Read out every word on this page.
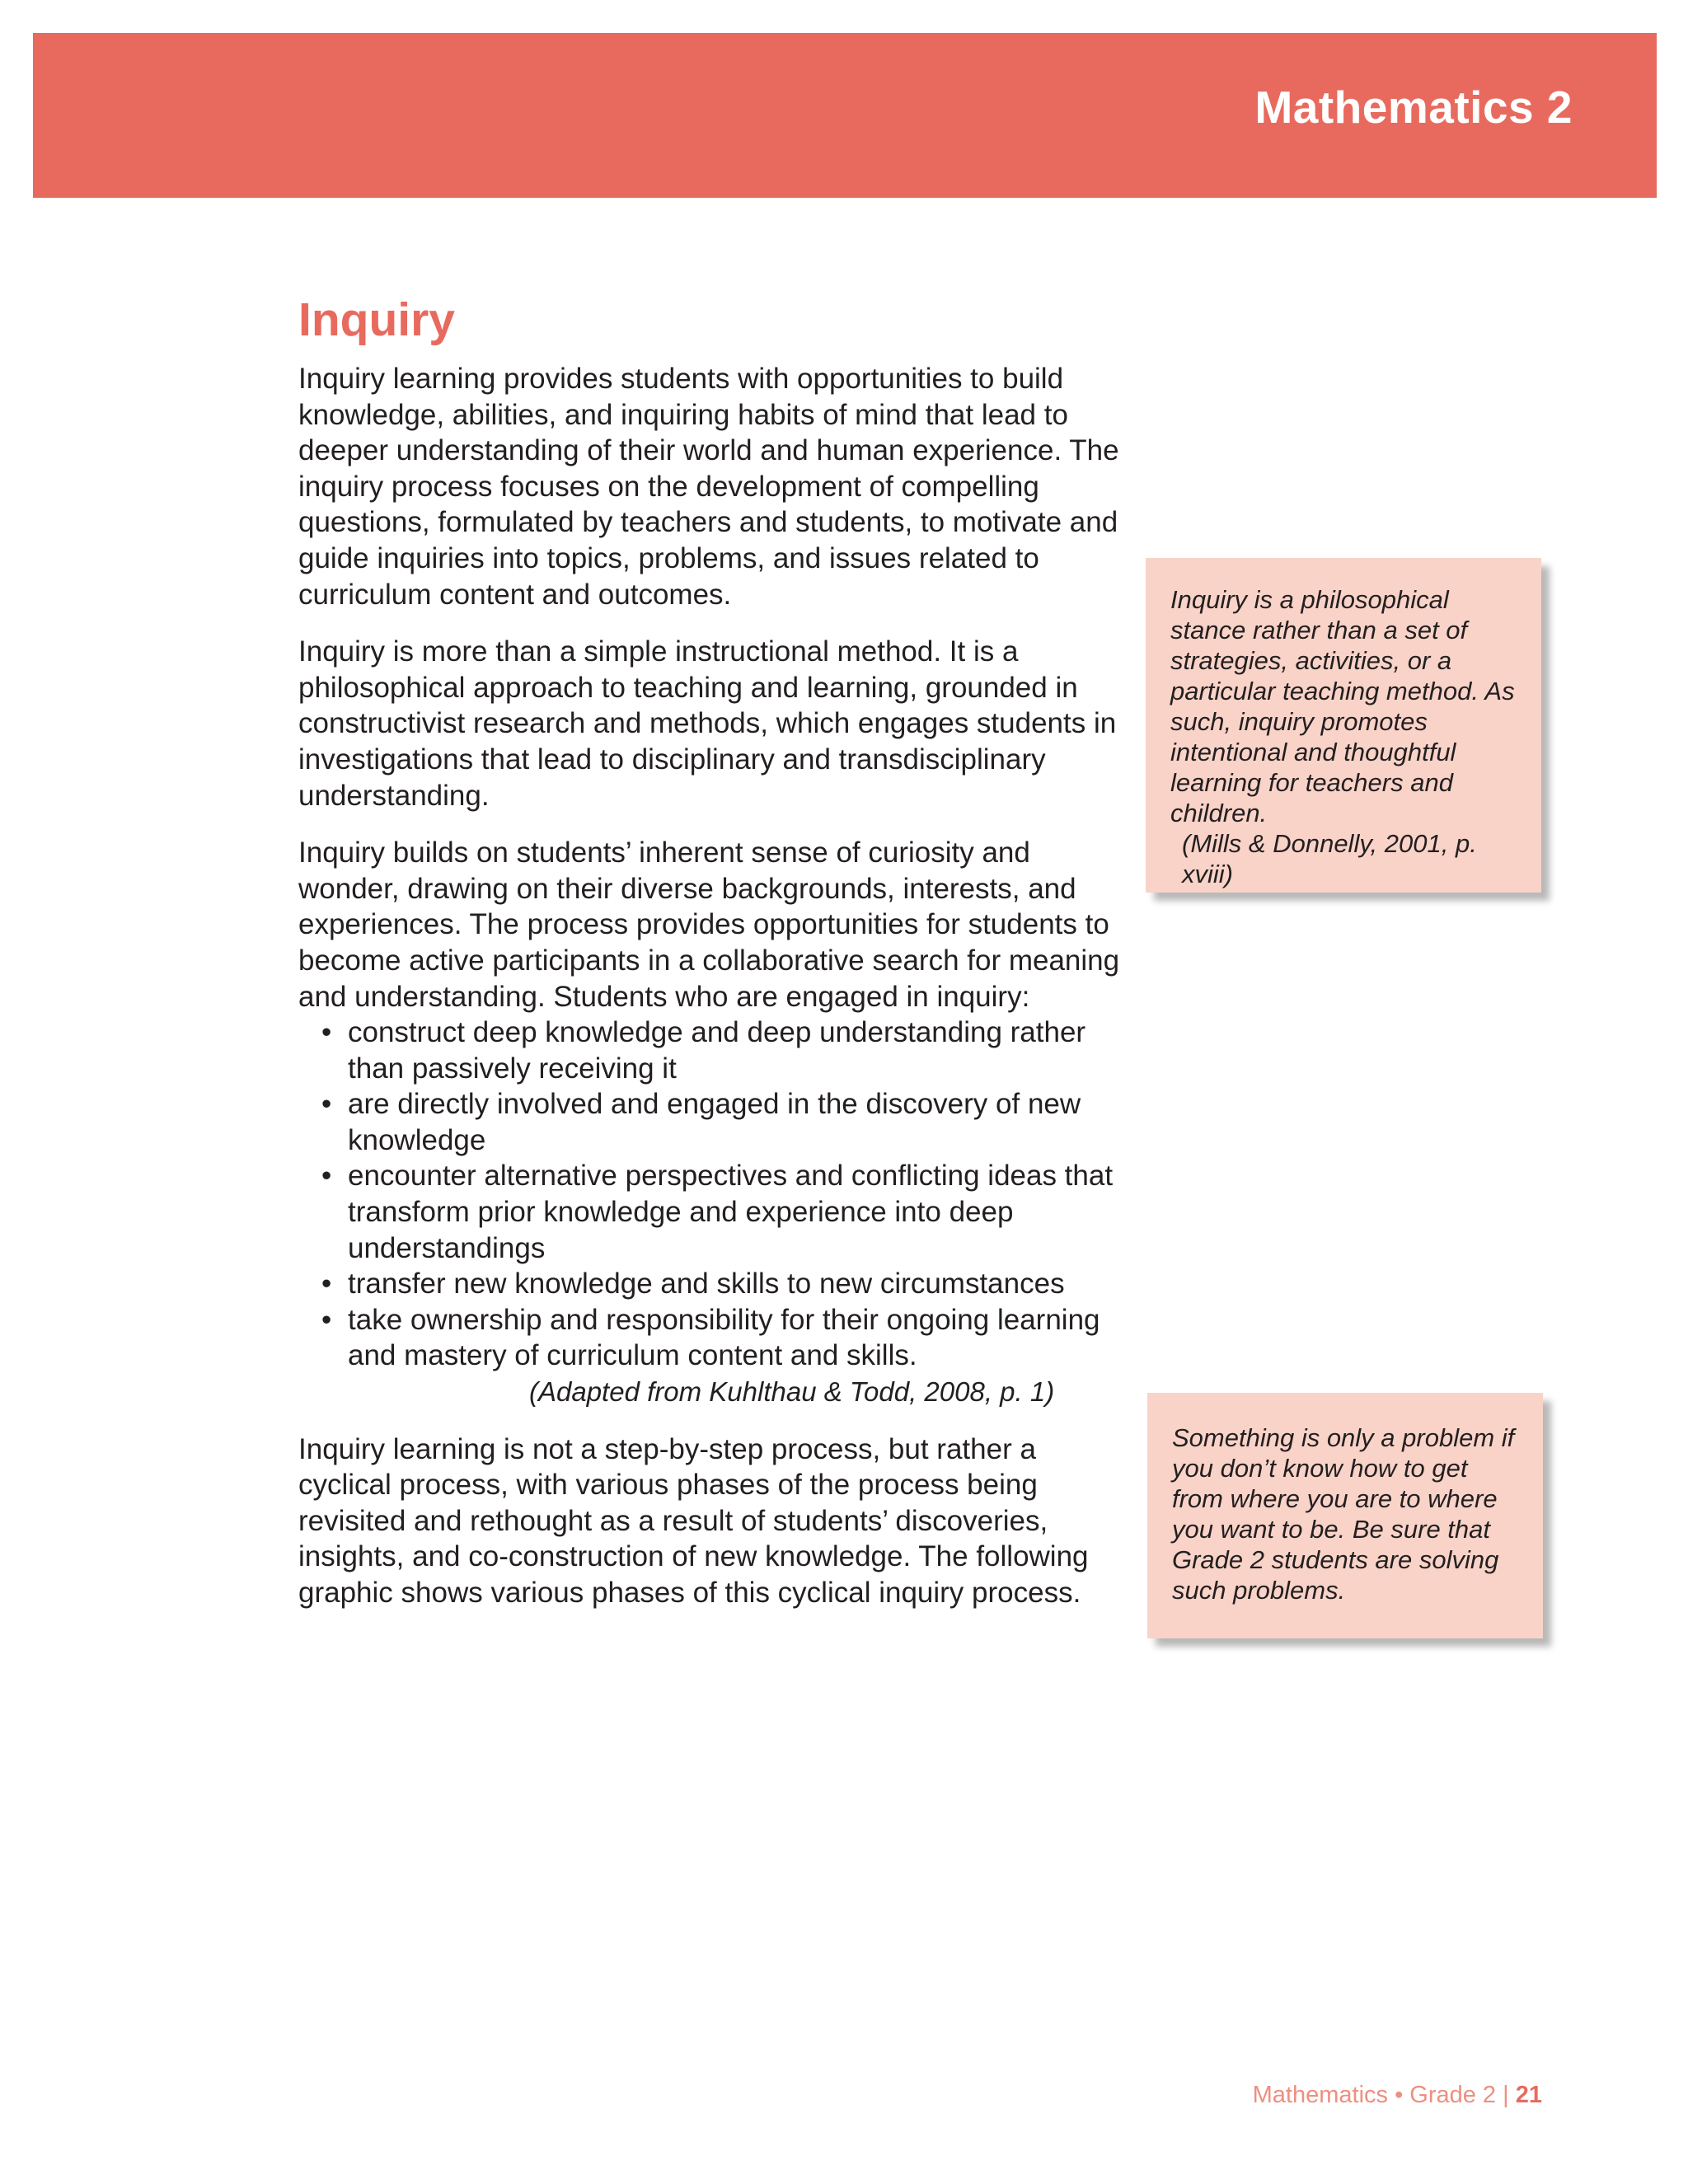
Mathematics 2
Inquiry

Inquiry learning provides students with opportunities to build knowledge, abilities, and inquiring habits of mind that lead to deeper understanding of their world and human experience. The inquiry process focuses on the development of compelling questions, formulated by teachers and students, to motivate and guide inquiries into topics, problems, and issues related to curriculum content and outcomes.

Inquiry is more than a simple instructional method. It is a philosophical approach to teaching and learning, grounded in constructivist research and methods, which engages students in investigations that lead to disciplinary and transdisciplinary understanding.

Inquiry builds on students’ inherent sense of curiosity and wonder, drawing on their diverse backgrounds, interests, and experiences. The process provides opportunities for students to become active participants in a collaborative search for meaning and understanding. Students who are engaged in inquiry:

• construct deep knowledge and deep understanding rather than passively receiving it
• are directly involved and engaged in the discovery of new knowledge
• encounter alternative perspectives and conflicting ideas that transform prior knowledge and experience into deep understandings
• transfer new knowledge and skills to new circumstances
• take ownership and responsibility for their ongoing learning and mastery of curriculum content and skills.

(Adapted from Kuhlthau & Todd, 2008, p. 1)

Inquiry learning is not a step-by-step process, but rather a cyclical process, with various phases of the process being revisited and rethought as a result of students’ discoveries, insights, and co-construction of new knowledge. The following graphic shows various phases of this cyclical inquiry process.

Inquiry is a philosophical stance rather than a set of strategies, activities, or a particular teaching method. As such, inquiry promotes intentional and thoughtful learning for teachers and children.

(Mills & Donnelly, 2001, p. xviii)

Something is only a problem if you don’t know how to get from where you are to where you want to be. Be sure that Grade 2 students are solving such problems.

Mathematics • Grade 2 | 21
